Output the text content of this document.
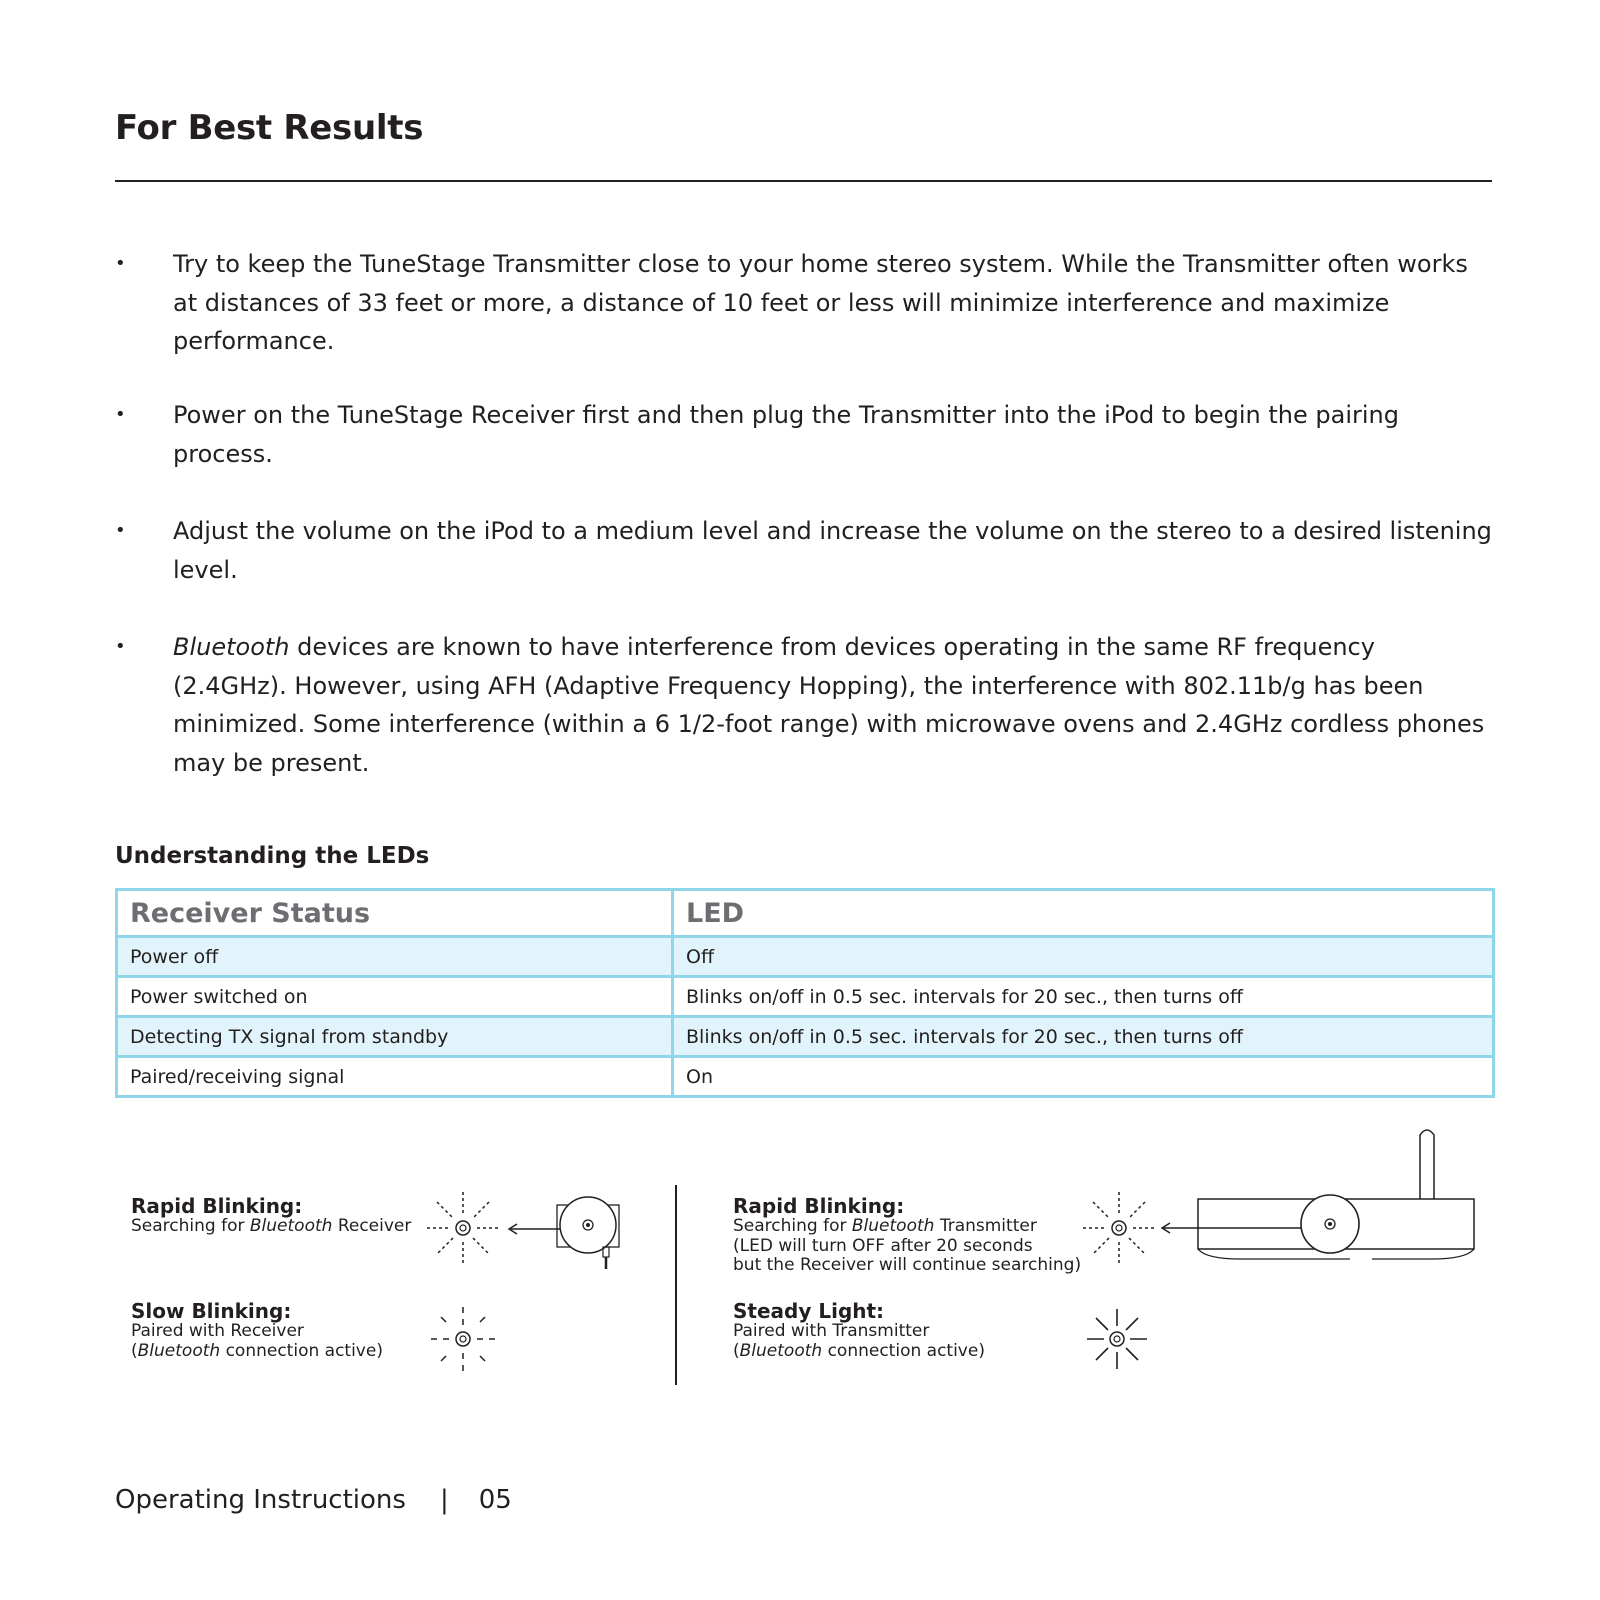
For Best Results
•	Try to keep the TuneStage Transmitter close to your home stereo system. While the Transmitter often works at distances of 33 feet or more, a distance of 10 feet or less will minimize interference and maximize performance.
•	Power on the TuneStage Receiver first and then plug the Transmitter into the iPod to begin the pairing process.
•	Adjust the volume on the iPod to a medium level and increase the volume on the stereo to a desired listening level.
•	Bluetooth devices are known to have interference from devices operating in the same RF frequency (2.4GHz). However, using AFH (Adaptive Frequency Hopping), the interference with 802.11b/g has been minimized. Some interference (within a 6 1/2-foot range) with microwave ovens and 2.4GHz cordless phones may be present.
Understanding the LEDs
Receiver Status	LED
Power off	Off
Power switched on	Blinks on/off in 0.5 sec. intervals for 20 sec., then turns off
Detecting TX signal from standby	Blinks on/off in 0.5 sec. intervals for 20 sec., then turns off
Paired/receiving signal	On
Rapid Blinking:
Searching for Bluetooth Receiver
Slow Blinking:
Paired with Receiver
(Bluetooth connection active)
Rapid Blinking:
Searching for Bluetooth Transmitter
(LED will turn OFF after 20 seconds
but the Receiver will continue searching)
Steady Light:
Paired with Transmitter
(Bluetooth connection active)
Operating Instructions | 05
